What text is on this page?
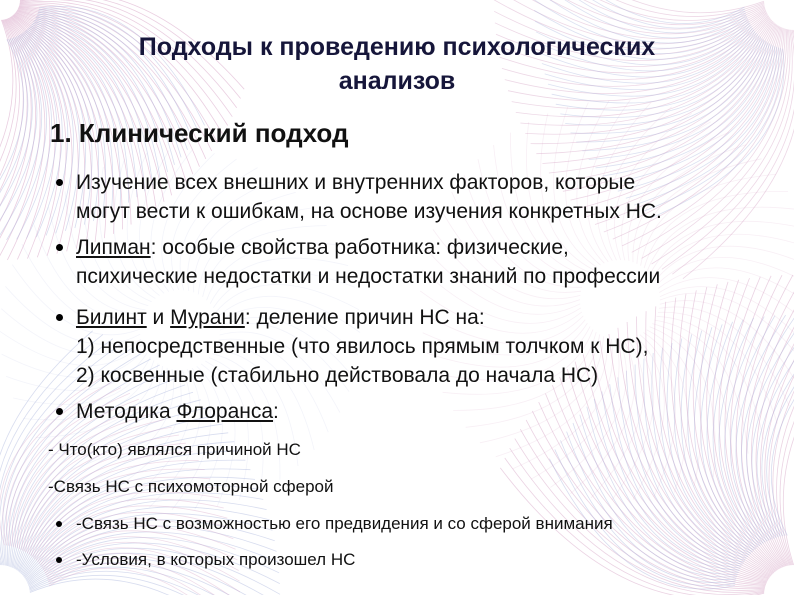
Подходы к проведению психологических
анализов
1. Клинический подход
Изучение всех внешних и внутренних факторов, которые
могут вести к ошибкам, на основе изучения конкретных НС.
Липман: особые свойства работника: физические,
психические недостатки и недостатки знаний по профессии
Билинт и Мурани: деление причин НС на:
1) непосредственные (что явилось прямым толчком к НС),
2) косвенные (стабильно действовала до начала НС)
Методика Флоранса:
- Что(кто) являлся причиной НС
-Связь НС с психомоторной сферой
-Связь НС с возможностью его предвидения и со сферой внимания
-Условия, в которых произошел НС
